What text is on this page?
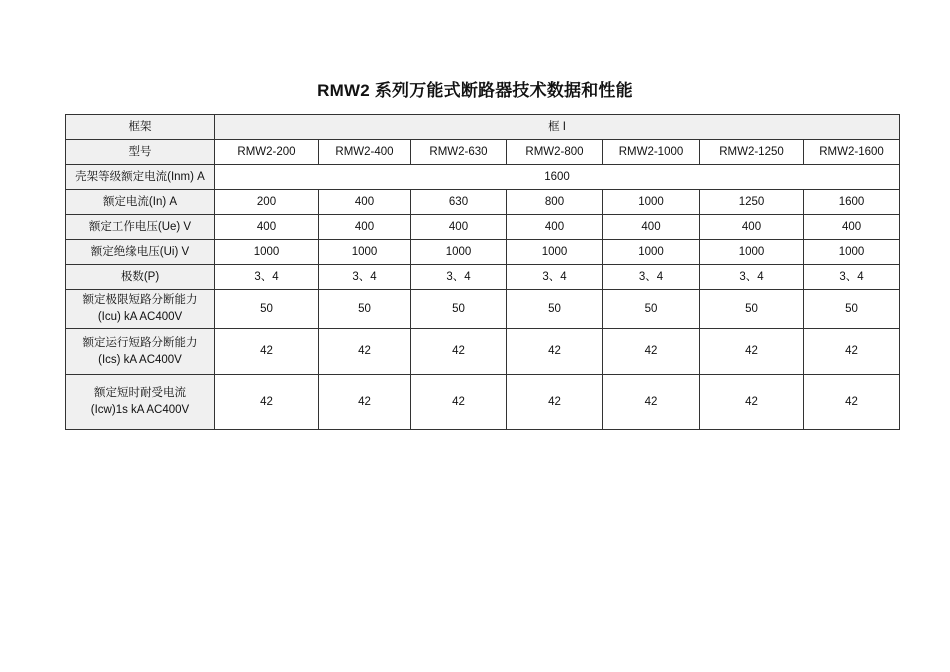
RMW2 系列万能式断路器技术数据和性能
框架	框 I						
型号	RMW2-200	RMW2-400	RMW2-630	RMW2-800	RMW2-1000	RMW2-1250	RMW2-1600
壳架等级额定电流(Inm) A	1600						
额定电流(In) A	200	400	630	800	1000	1250	1600
额定工作电压(Ue) V	400	400	400	400	400	400	400
额定绝缘电压(Ui) V	1000	1000	1000	1000	1000	1000	1000
极数(P)	3、4	3、4	3、4	3、4	3、4	3、4	3、4

额定极限短路分断能力
(Icu) kA AC400V	50	50	50	50	50	50	50

额定运行短路分断能力
(Ics) kA AC400V	42	42	42	42	42	42	42

额定短时耐受电流
(Icw)1s kA AC400V	42	42	42	42	42	42	42
